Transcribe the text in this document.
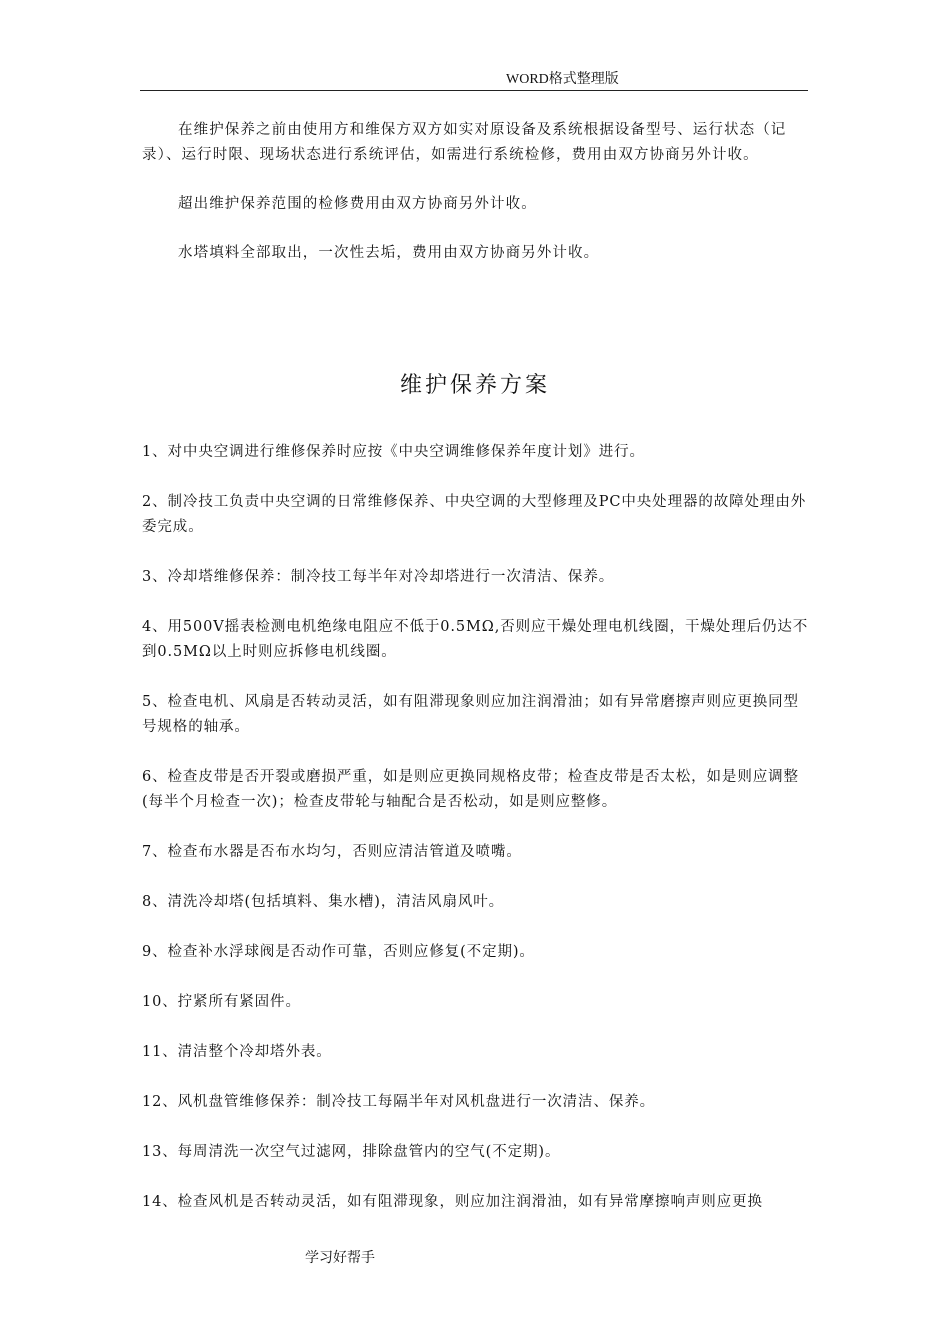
WORD格式整理版

在维护保养之前由使用方和维保方双方如实对原设备及系统根据设备型号、运行状态（记录）、运行时限、现场状态进行系统评估，如需进行系统检修，费用由双方协商另外计收。

超出维护保养范围的检修费用由双方协商另外计收。

水塔填料全部取出，一次性去垢，费用由双方协商另外计收。

维护保养方案
1、对中央空调进行维修保养时应按《中央空调维修保养年度计划》进行。
2、制冷技工负责中央空调的日常维修保养、中央空调的大型修理及PC中央处理器的故障处理由外委完成。
3、冷却塔维修保养：制冷技工每半年对冷却塔进行一次清洁、保养。
4、用500Ⅴ摇表检测电机绝缘电阻应不低于0.5MΩ,否则应干燥处理电机线圈，干燥处理后仍达不到0.5MΩ以上时则应拆修电机线圈。
5、检查电机、风扇是否转动灵活，如有阻滞现象则应加注润滑油；如有异常磨擦声则应更换同型号规格的轴承。
6、检查皮带是否开裂或磨损严重，如是则应更换同规格皮带；检查皮带是否太松，如是则应调整(每半个月检查一次)；检查皮带轮与轴配合是否松动，如是则应整修。
7、检查布水器是否布水均匀，否则应清洁管道及喷嘴。
8、清洗冷却塔(包括填料、集水槽)，清洁风扇风叶。
9、检查补水浮球阀是否动作可靠，否则应修复(不定期)。
10、拧紧所有紧固件。
11、清洁整个冷却塔外表。
12、风机盘管维修保养：制冷技工每隔半年对风机盘进行一次清洁、保养。
13、每周清洗一次空气过滤网，排除盘管内的空气(不定期)。
14、检查风机是否转动灵活，如有阻滞现象，则应加注润滑油，如有异常摩擦响声则应更换
学习好帮手
